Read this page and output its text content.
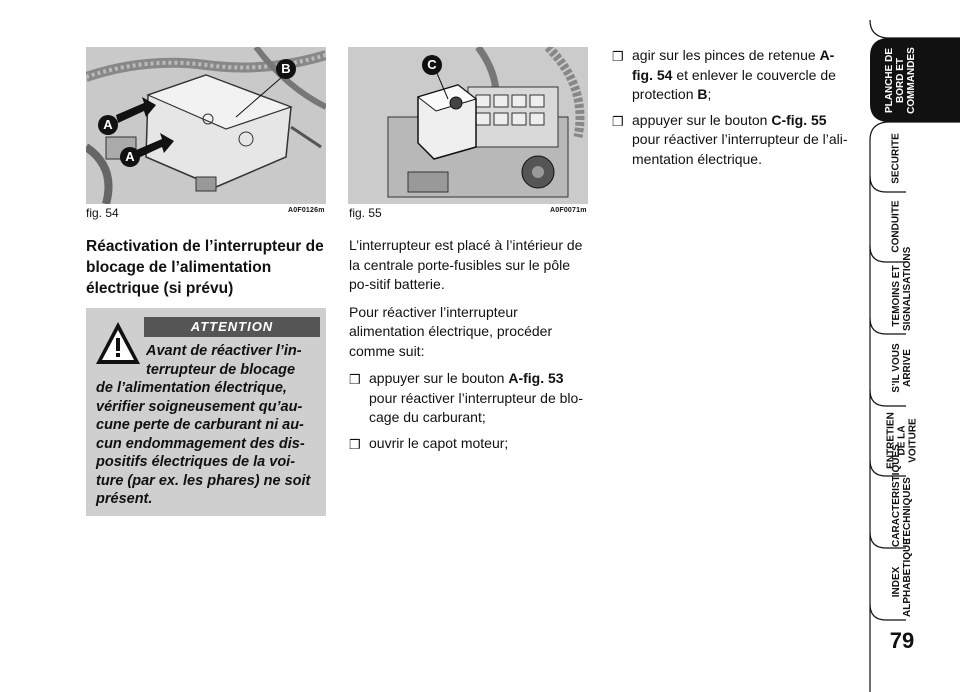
A
A
B
fig. 54	A0F0126m
C
fig. 55	A0F0071m
Réactivation de l’interrupteur de blocage de l’alimentation électrique (si prévu)
ATTENTION
Avant de réactiver l’in-
terrupteur de blocage
de l’alimentation électrique, vérifier soigneusement qu’au-cune perte de carburant ni au-cun endommagement des dis-positifs électriques de la voi-ture (par ex. les phares) ne soit présent.

L’interrupteur est placé à l’intérieur de la centrale porte-fusibles sur le pôle po-sitif batterie.

Pour réactiver l’interrupteur alimentation électrique, procéder comme suit:

❒ appuyer sur le bouton A-fig. 53 pour réactiver l’interrupteur de blo-cage du carburant;
❒ ouvrir le capot moteur;
❒ agir sur les pinces de retenue A-fig. 54 et enlever le couvercle de protection B;
❒ appuyer sur le bouton C-fig. 55 pour réactiver l’interrupteur de l’ali-mentation électrique.
PLANCHE DE BORD ET COMMANDES
SECURITE
CONDUITE
TEMOINS ET SIGNALISATIONS
S’IL VOUS ARRIVE
ENTRETIEN DE LA VOITURE
CARACTERISTIQUES TECHNIQUES
INDEX ALPHABETIQUE
79
